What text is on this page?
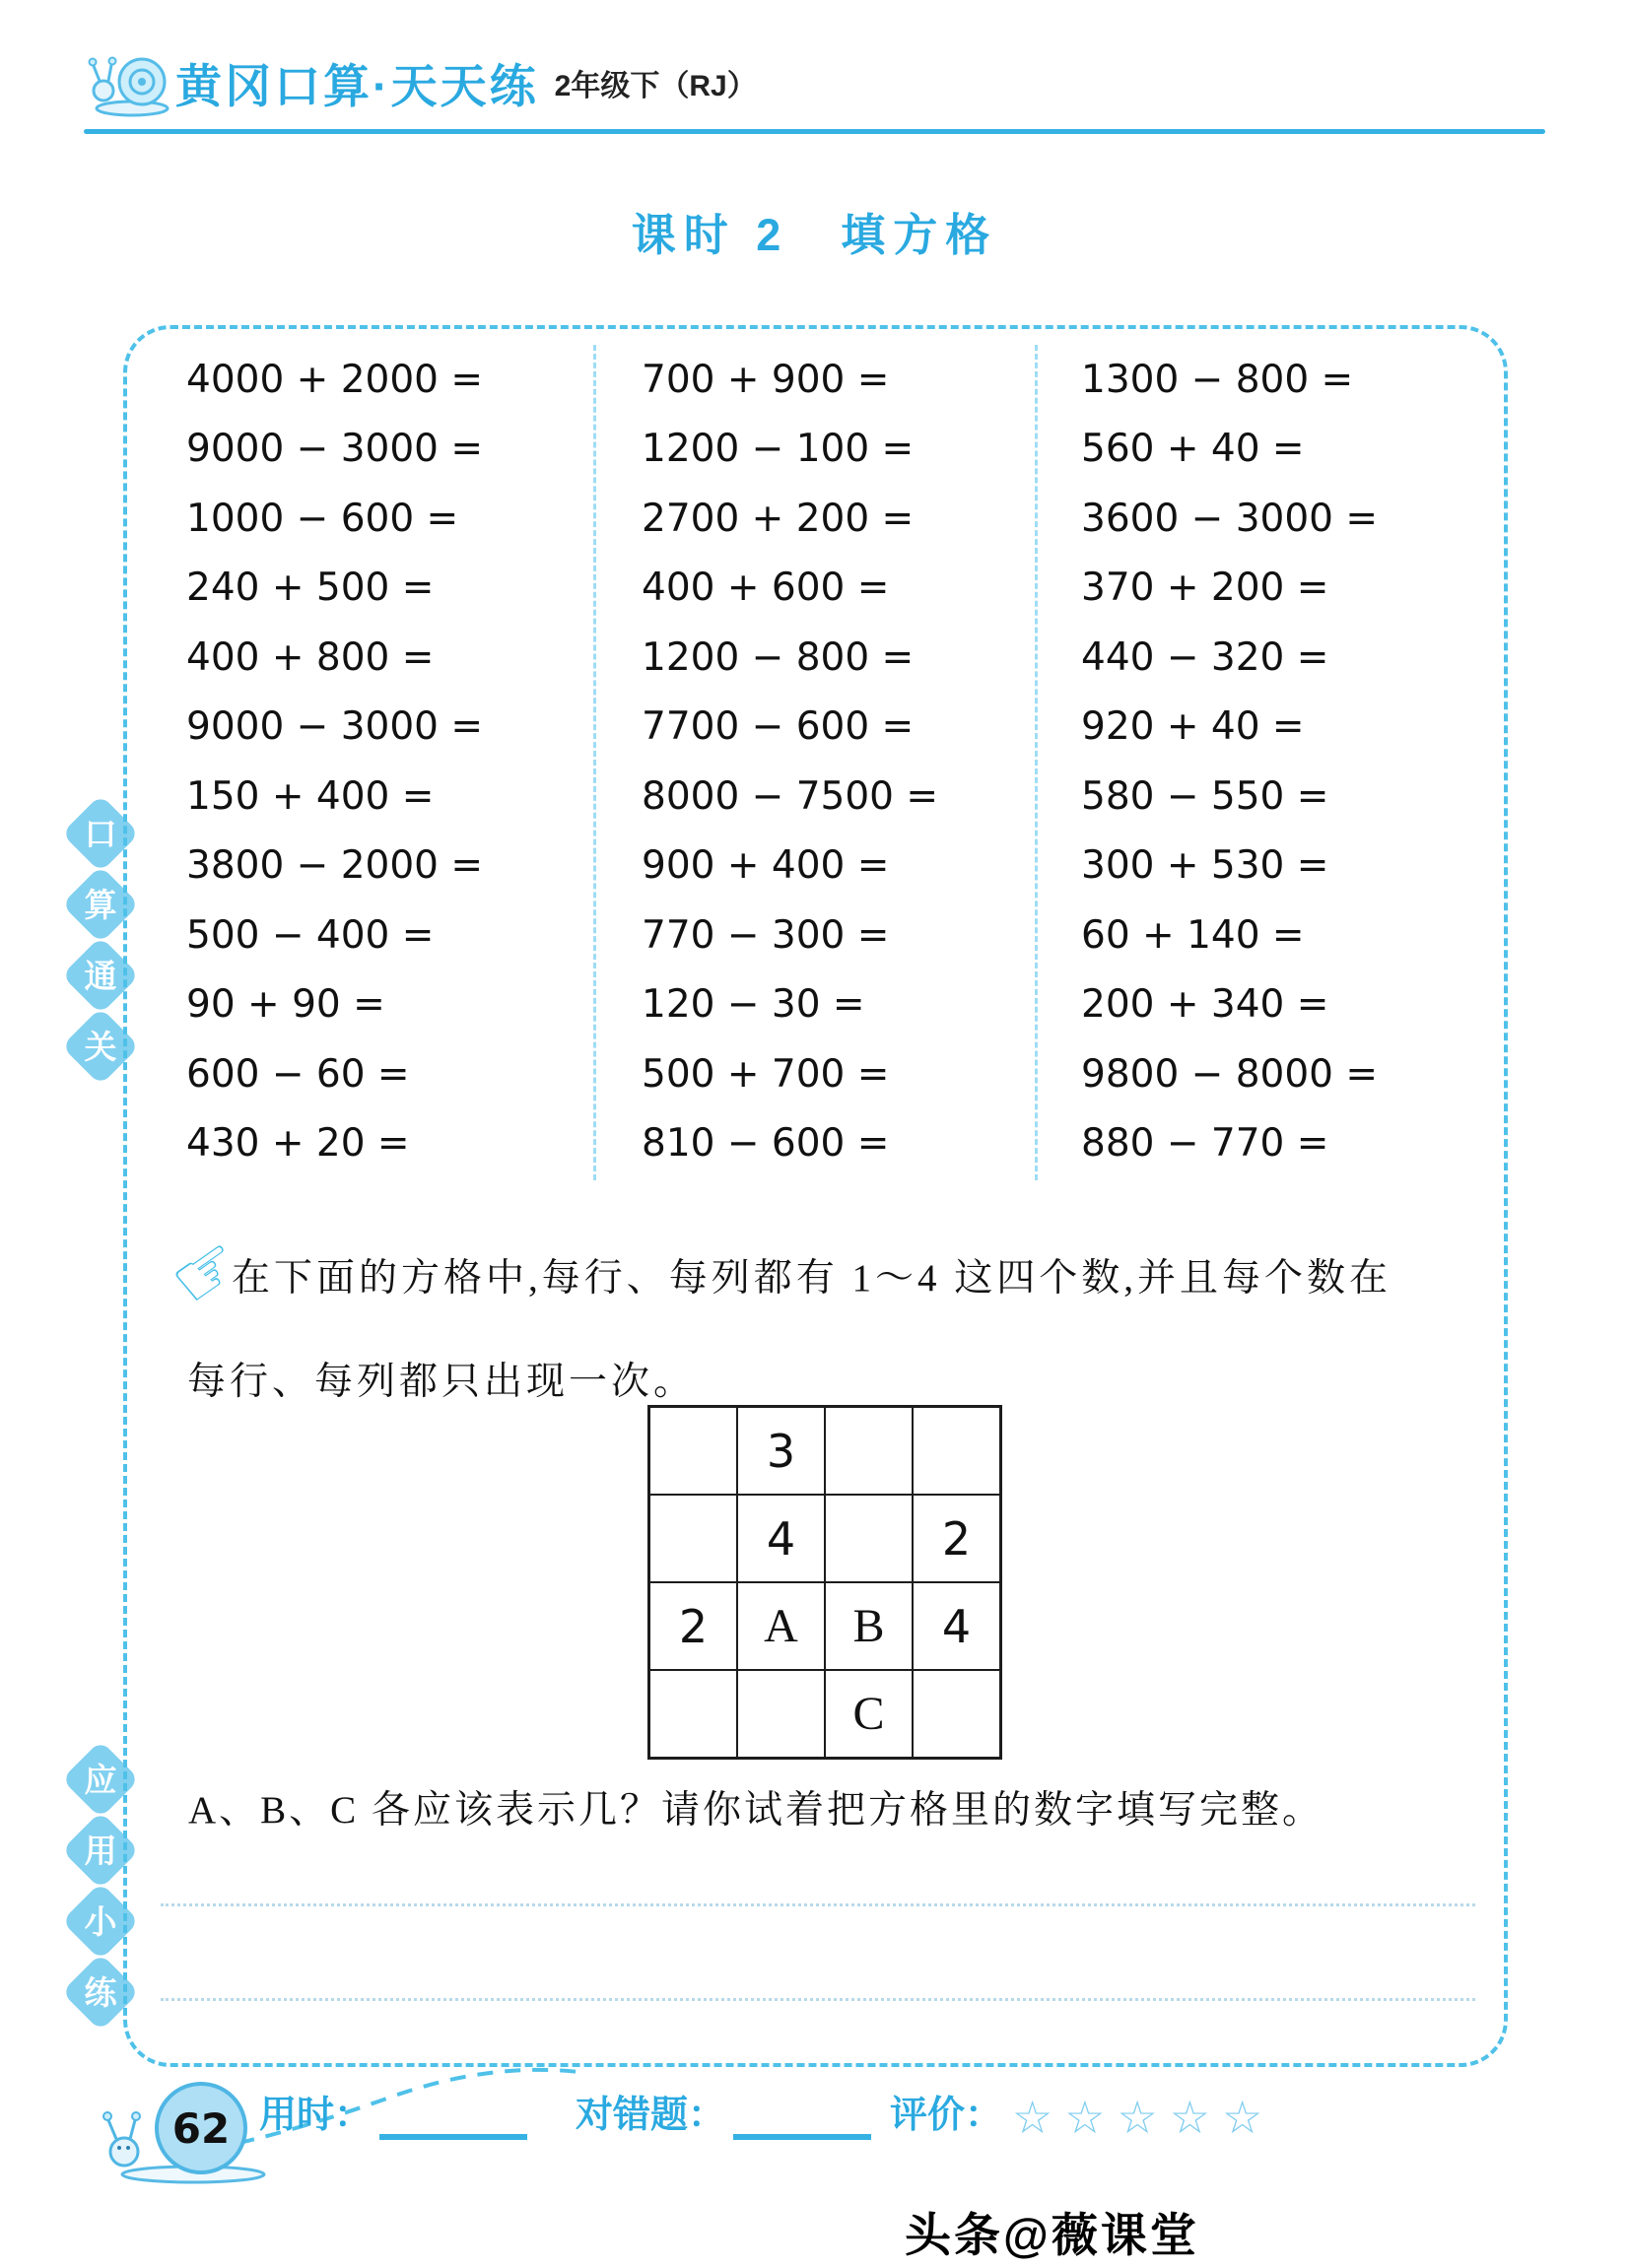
黄冈口算·天天练 2年级下（RJ）
课时 2　填方格
口
算
通
关
应
用
小
练
4000 + 2000 =
9000 − 3000 =
1000 − 600 =
240 + 500 =
400 + 800 =
9000 − 3000 =
150 + 400 =
3800 − 2000 =
500 − 400 =
90 + 90 =
600 − 60 =
430 + 20 =
700 + 900 =
1200 − 100 =
2700 + 200 =
400 + 600 =
1200 − 800 =
7700 − 600 =
8000 − 7500 =
900 + 400 =
770 − 300 =
120 − 30 =
500 + 700 =
810 − 600 =
1300 − 800 =
560 + 40 =
3600 − 3000 =
370 + 200 =
440 − 320 =
920 + 40 =
580 − 550 =
300 + 530 =
60 + 140 =
200 + 340 =
9800 − 8000 =
880 − 770 =
☞

在下面的方格中,每行、每列都有 1～4 这四个数,并且每个数在

每行、每列都只出现一次。

	3		
	4		2
2	A	B	4
		C	

A、B、C 各应该表示几？请你试着把方格里的数字填写完整。

62 用时：	对错题：	评价： ☆ ☆ ☆ ☆ ☆
头条@薇课堂
